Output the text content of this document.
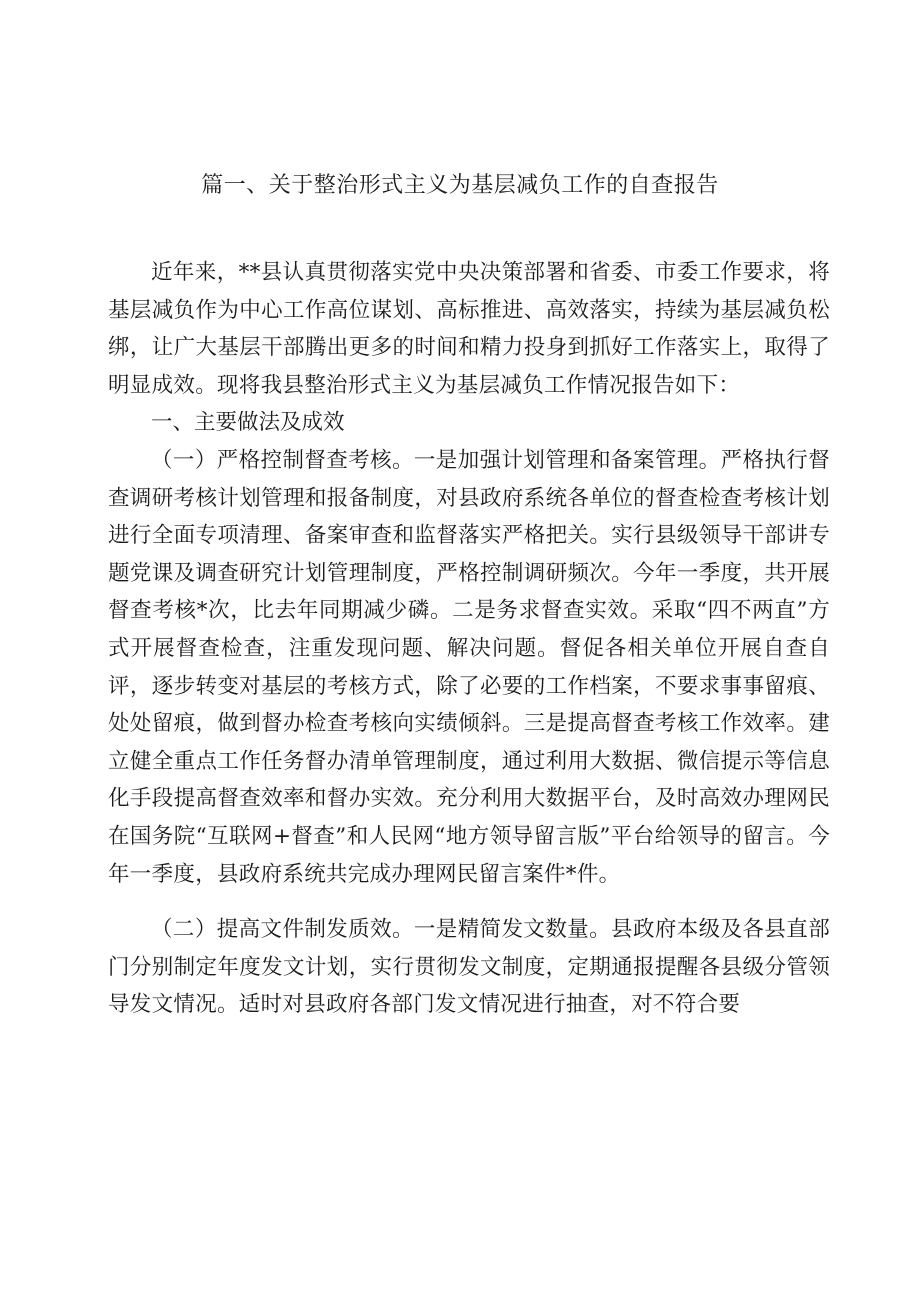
篇一、关于整治形式主义为基层减负工作的自查报告

近年来，**县认真贯彻落实党中央决策部署和省委、市委工作要求，将基层减负作为中心工作高位谋划、高标推进、高效落实，持续为基层减负松绑，让广大基层干部腾出更多的时间和精力投身到抓好工作落实上，取得了明显成效。现将我县整治形式主义为基层减负工作情况报告如下：

一、主要做法及成效

（一）严格控制督查考核。一是加强计划管理和备案管理。严格执行督查调研考核计划管理和报备制度，对县政府系统各单位的督查检查考核计划进行全面专项清理、备案审查和监督落实严格把关。实行县级领导干部讲专题党课及调查研究计划管理制度，严格控制调研频次。今年一季度，共开展督查考核*次，比去年同期减少磷。二是务求督查实效。采取“四不两直”方式开展督查检查，注重发现问题、解决问题。督促各相关单位开展自查自评，逐步转变对基层的考核方式，除了必要的工作档案，不要求事事留痕、处处留痕，做到督办检查考核向实绩倾斜。三是提高督查考核工作效率。建立健全重点工作任务督办清单管理制度，通过利用大数据、微信提示等信息化手段提高督查效率和督办实效。充分利用大数据平台，及时高效办理网民在国务院“互联网+督查”和人民网“地方领导留言版”平台给领导的留言。今年一季度，县政府系统共完成办理网民留言案件*件。

（二）提高文件制发质效。一是精简发文数量。县政府本级及各县直部门分别制定年度发文计划，实行贯彻发文制度，定期通报提醒各县级分管领导发文情况。适时对县政府各部门发文情况进行抽查，对不符合要
